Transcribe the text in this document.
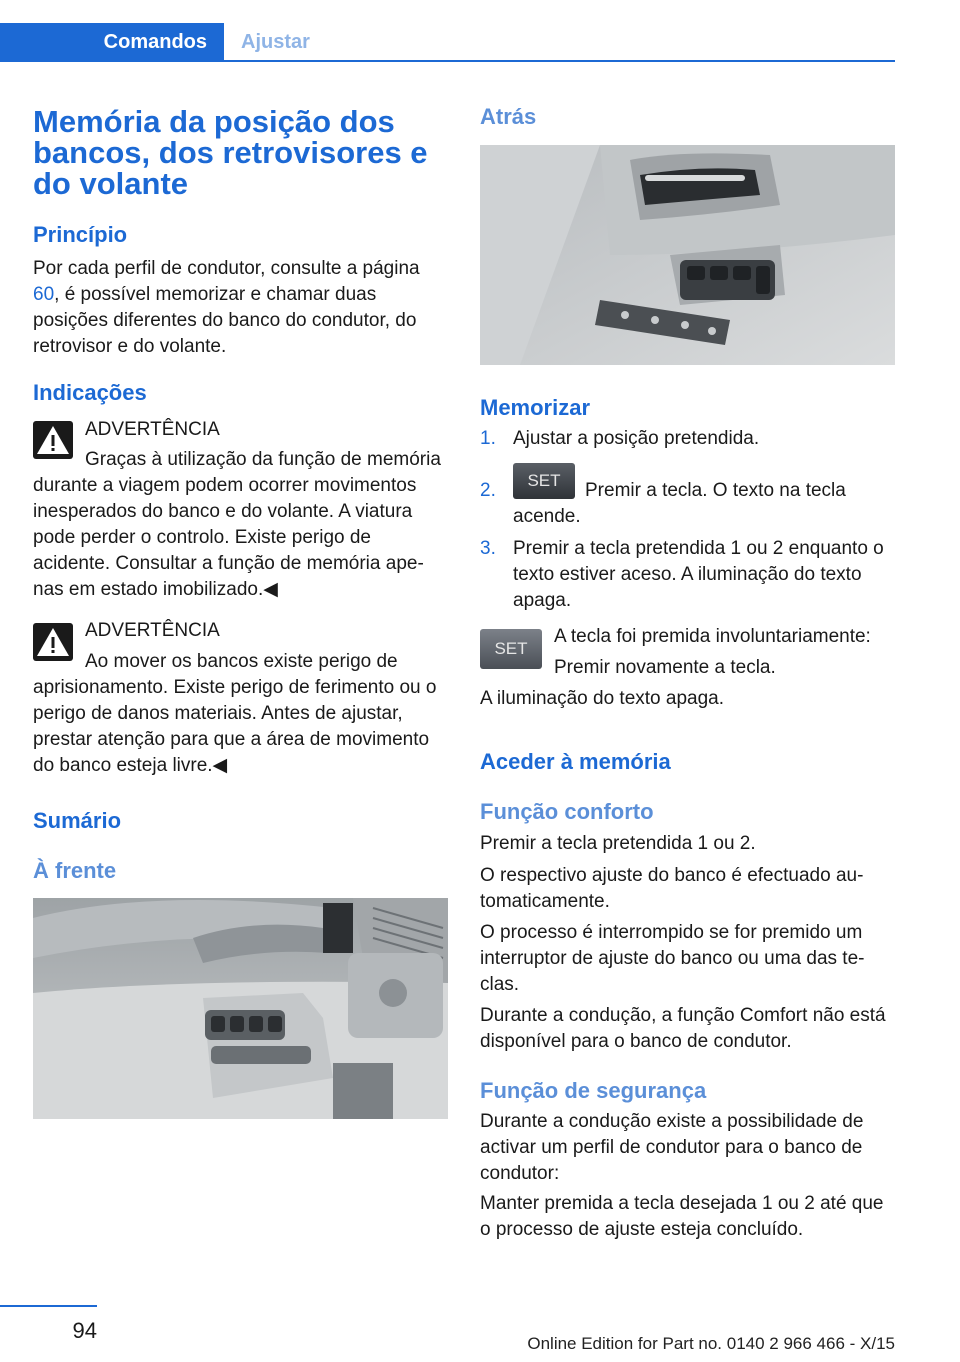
Comandos	Ajustar
Memória da posição dos bancos, dos retrovisores e do volante
Princípio
Por cada perfil de condutor, consulte a página 60, é possível memorizar e chamar duas posições diferentes do banco do condutor, do retrovisor e do volante.
Indicações
ADVERTÊNCIA
Graças à utilização da função de memória durante a viagem podem ocorrer movimentos inesperados do banco e do volante. A viatura pode perder o controlo. Existe perigo de acidente. Consultar a função de memória apenas em estado imobilizado.◀
ADVERTÊNCIA
Ao mover os bancos existe perigo de aprisionamento. Existe perigo de ferimento ou o perigo de danos materiais. Antes de ajustar, prestar atenção para que a área de movimento do banco esteja livre.◀
Sumário
À frente
Atrás
Memorizar
1. Ajustar a posição pretendida.
2.	Premir a tecla. O texto na tecla acende.
SET
3. Premir a tecla pretendida 1 ou 2 enquanto o texto estiver aceso. A iluminação do texto apaga.
SET
A tecla foi premida involuntariamente:
Premir novamente a tecla.
A iluminação do texto apaga.
Aceder à memória
Função conforto
Premir a tecla pretendida 1 ou 2.
O respectivo ajuste do banco é efectuado automaticamente.
O processo é interrompido se for premido um interruptor de ajuste do banco ou uma das teclas.
Durante a condução, a função Comfort não está disponível para o banco de condutor.
Função de segurança
Durante a condução existe a possibilidade de activar um perfil de condutor para o banco de condutor:
Manter premida a tecla desejada 1 ou 2 até que o processo de ajuste esteja concluído.
94
Online Edition for Part no. 0140 2 966 466 - X/15
